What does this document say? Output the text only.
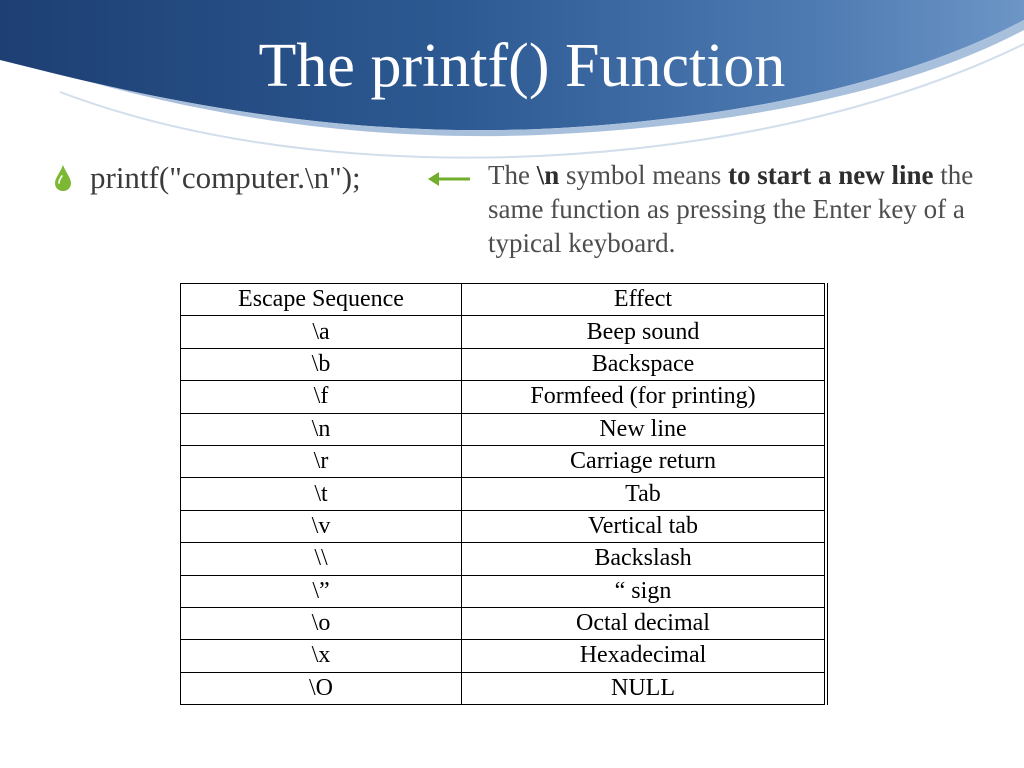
The printf() Function
printf("computer.\n");	The \n symbol means to start a new line the same function as pressing the Enter key of a typical keyboard.
Escape Sequence	Effect
\a	Beep sound
\b	Backspace
\f	Formfeed (for printing)
\n	New line
\r	Carriage return
\t	Tab
\v	Vertical tab
\\	Backslash
\”	“ sign
\o	Octal decimal
\x	Hexadecimal
\O	NULL
